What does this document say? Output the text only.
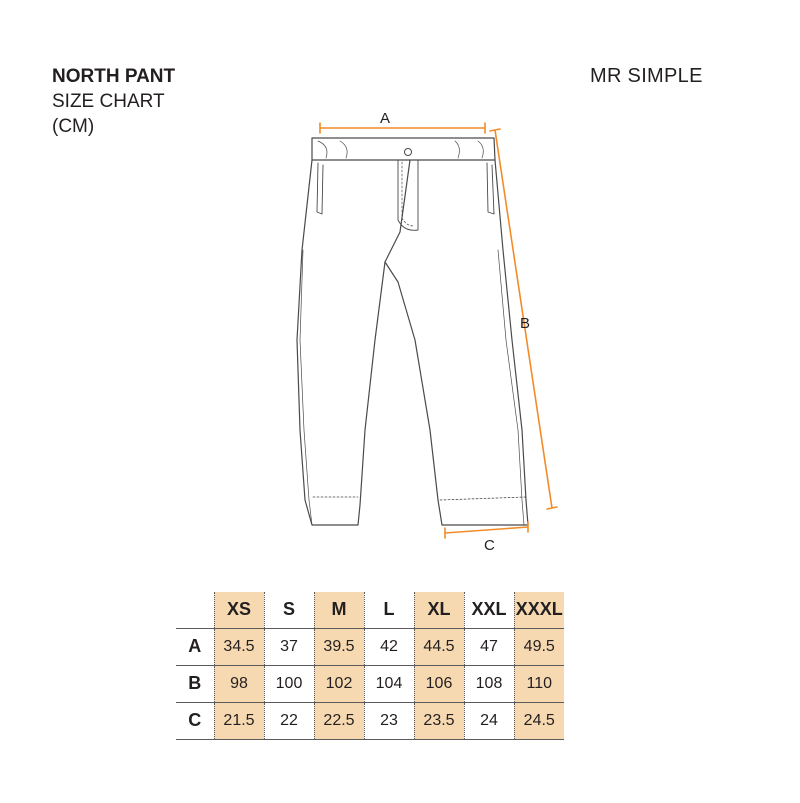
NORTH PANT
SIZE CHART
(CM)
MR SIMPLE
A
B
C
	XS	S	M	L	XL	XXL	XXXL
A	34.5	37	39.5	42	44.5	47	49.5
B	98	100	102	104	106	108	110
C	21.5	22	22.5	23	23.5	24	24.5
